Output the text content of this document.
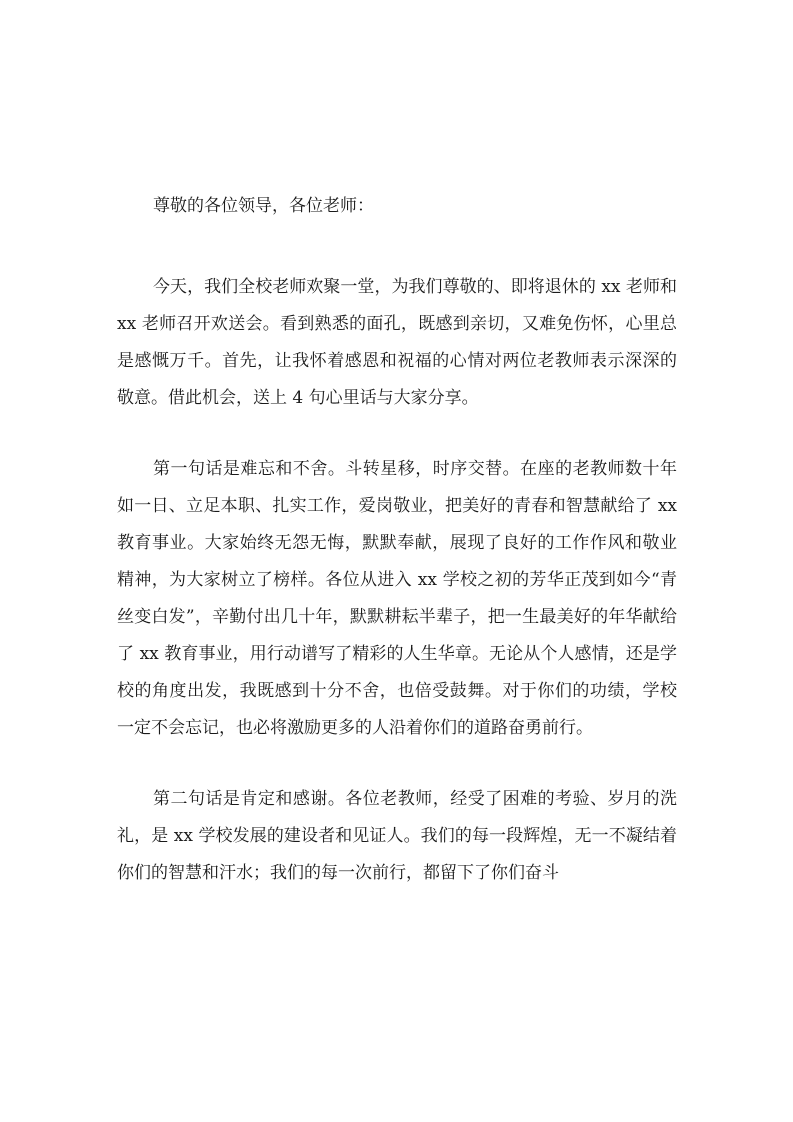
尊敬的各位领导，各位老师：

今天，我们全校老师欢聚一堂，为我们尊敬的、即将退休的 xx 老师和 xx 老师召开欢送会。看到熟悉的面孔，既感到亲切，又难免伤怀，心里总是感慨万千。首先，让我怀着感恩和祝福的心情对两位老教师表示深深的敬意。借此机会，送上 4 句心里话与大家分享。

第一句话是难忘和不舍。斗转星移，时序交替。在座的老教师数十年如一日、立足本职、扎实工作，爱岗敬业，把美好的青春和智慧献给了 xx 教育事业。大家始终无怨无悔，默默奉献，展现了良好的工作作风和敬业精神，为大家树立了榜样。各位从进入 xx 学校之初的芳华正茂到如今“青丝变白发”，辛勤付出几十年，默默耕耘半辈子，把一生最美好的年华献给了 xx 教育事业，用行动谱写了精彩的人生华章。无论从个人感情，还是学校的角度出发，我既感到十分不舍，也倍受鼓舞。对于你们的功绩，学校一定不会忘记，也必将激励更多的人沿着你们的道路奋勇前行。

第二句话是肯定和感谢。各位老教师，经受了困难的考验、岁月的洗礼，是 xx 学校发展的建设者和见证人。我们的每一段辉煌，无一不凝结着你们的智慧和汗水；我们的每一次前行，都留下了你们奋斗
